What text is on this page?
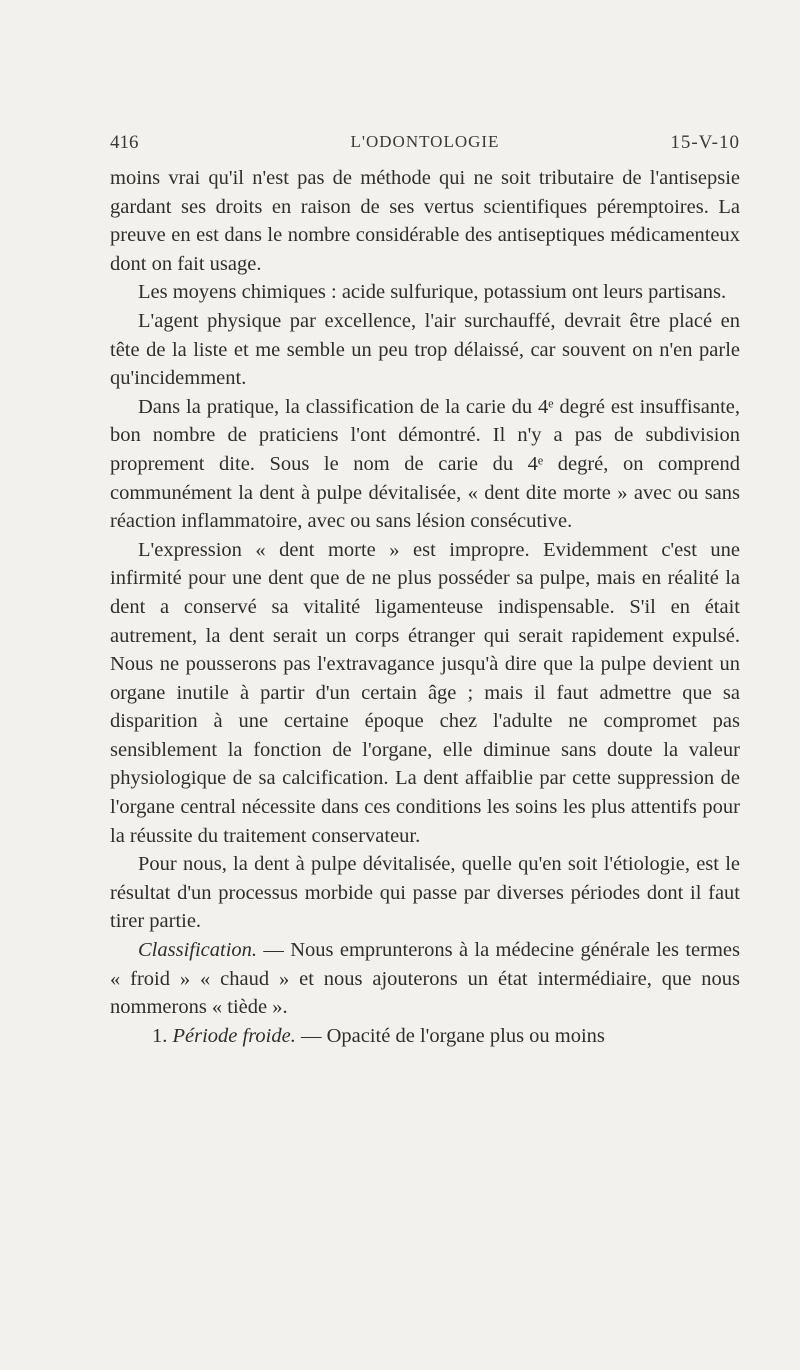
416	L'ODONTOLOGIE	15-V-10

moins vrai qu'il n'est pas de méthode qui ne soit tributaire de l'antisepsie gardant ses droits en raison de ses vertus scientifiques péremptoires. La preuve en est dans le nombre considérable des antiseptiques médicamenteux dont on fait usage.

Les moyens chimiques : acide sulfurique, potassium ont leurs partisans.

L'agent physique par excellence, l'air surchauffé, devrait être placé en tête de la liste et me semble un peu trop délaissé, car souvent on n'en parle qu'incidemment.

Dans la pratique, la classification de la carie du 4ᵉ degré est insuffisante, bon nombre de praticiens l'ont démontré. Il n'y a pas de subdivision proprement dite. Sous le nom de carie du 4ᵉ degré, on comprend communément la dent à pulpe dévitalisée, « dent dite morte » avec ou sans réaction inflammatoire, avec ou sans lésion consécutive.

L'expression « dent morte » est impropre. Evidemment c'est une infirmité pour une dent que de ne plus posséder sa pulpe, mais en réalité la dent a conservé sa vitalité ligamenteuse indispensable. S'il en était autrement, la dent serait un corps étranger qui serait rapidement expulsé. Nous ne pousserons pas l'extravagance jusqu'à dire que la pulpe devient un organe inutile à partir d'un certain âge ; mais il faut admettre que sa disparition à une certaine époque chez l'adulte ne compromet pas sensiblement la fonction de l'organe, elle diminue sans doute la valeur physiologique de sa calcification. La dent affaiblie par cette suppression de l'organe central nécessite dans ces conditions les soins les plus attentifs pour la réussite du traitement conservateur.

Pour nous, la dent à pulpe dévitalisée, quelle qu'en soit l'étiologie, est le résultat d'un processus morbide qui passe par diverses périodes dont il faut tirer partie.

Classification. — Nous emprunterons à la médecine générale les termes « froid » « chaud » et nous ajouterons un état intermédiaire, que nous nommerons « tiède ».

1. Période froide. — Opacité de l'organe plus ou moins
